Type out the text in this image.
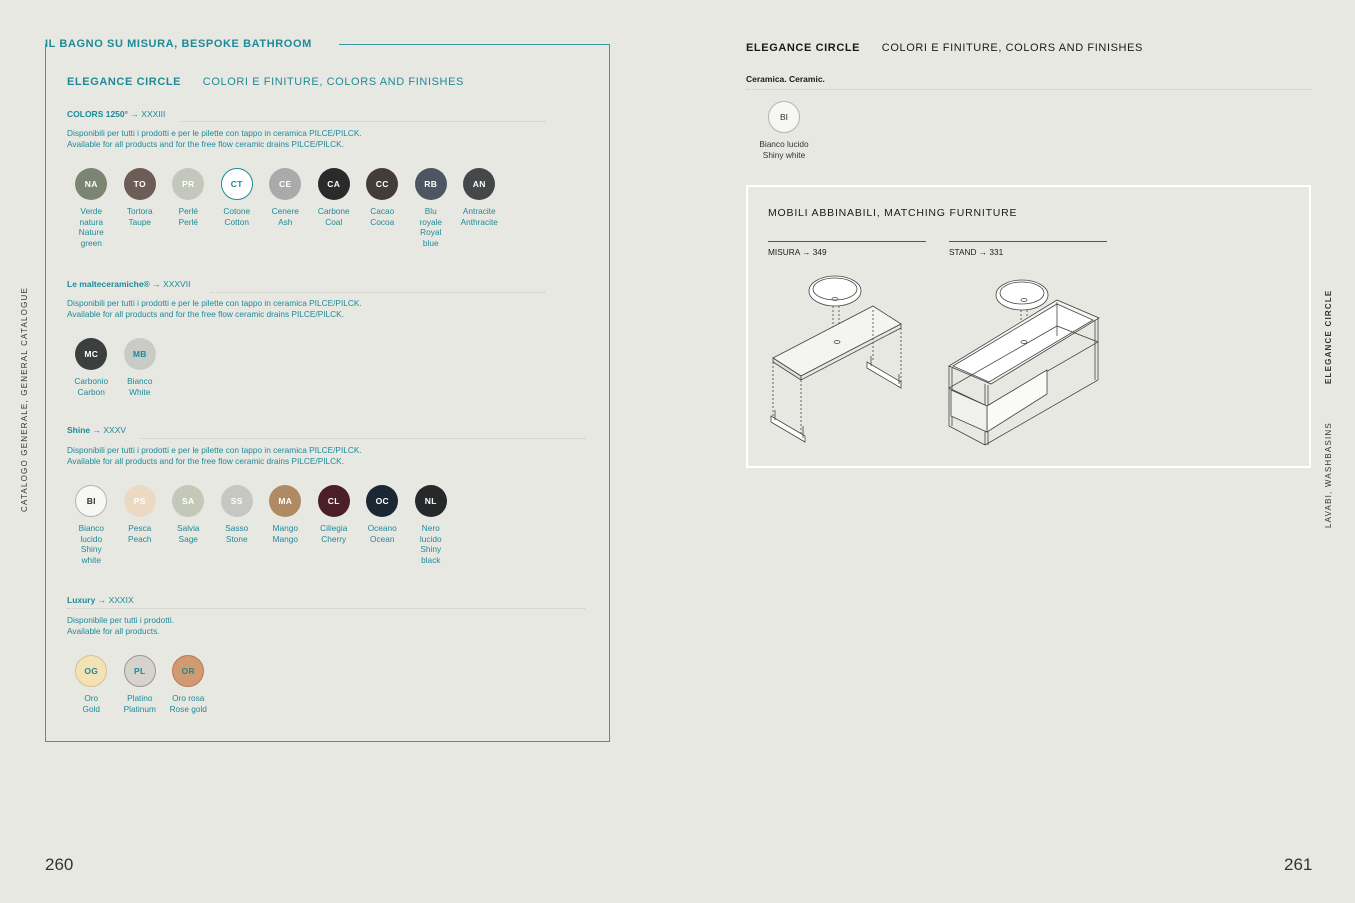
IL BAGNO SU MISURA, BESPOKE BATHROOM
ELEGANCE CIRCLE COLORI E FINITURE, COLORS AND FINISHES
COLORS 1250° → XXXIII
Disponibili per tutti i prodotti e per le pilette con tappo in ceramica PILCE/PILCK.
Available for all products and for the free flow ceramic drains PILCE/PILCK.
NA
Verde
natura
Nature
green
TO
Tortora
Taupe
PR
Perlé
Perlé
CT
Cotone
Cotton
CE
Cenere
Ash
CA
Carbone
Coal
CC
Cacao
Cocoa
RB
Blu
royale
Royal
blue
AN
Antracite
Anthracite
Le malteceramiche® → XXXVII
Disponibili per tutti i prodotti e per le pilette con tappo in ceramica PILCE/PILCK.
Available for all products and for the free flow ceramic drains PILCE/PILCK.
MC
Carbonio
Carbon
MB
Bianco
White
Shine → XXXV
Disponibili per tutti i prodotti e per le pilette con tappo in ceramica PILCE/PILCK.
Available for all products and for the free flow ceramic drains PILCE/PILCK.
BI
Bianco
lucido
Shiny
white
PS
Pesca
Peach
SA
Salvia
Sage
SS
Sasso
Stone
MA
Mango
Mango
CL
Ciliegia
Cherry
OC
Oceano
Ocean
NL
Nero
lucido
Shiny
black
Luxury → XXXIX
Disponibile per tutti i prodotti.
Available for all products.
OG
Oro
Gold
PL
Platino
Platinum
OR
Oro rosa
Rose gold
CATALOGO GENERALE, GENERAL CATALOGUE
260
ELEGANCE CIRCLE COLORI E FINITURE, COLORS AND FINISHES
Ceramica. Ceramic.
BI
Bianco lucido
Shiny white
MOBILI ABBINABILI, MATCHING FURNITURE
MISURA → 349	STAND → 331
ELEGANCE CIRCLE
LAVABI, WASHBASINS
261
